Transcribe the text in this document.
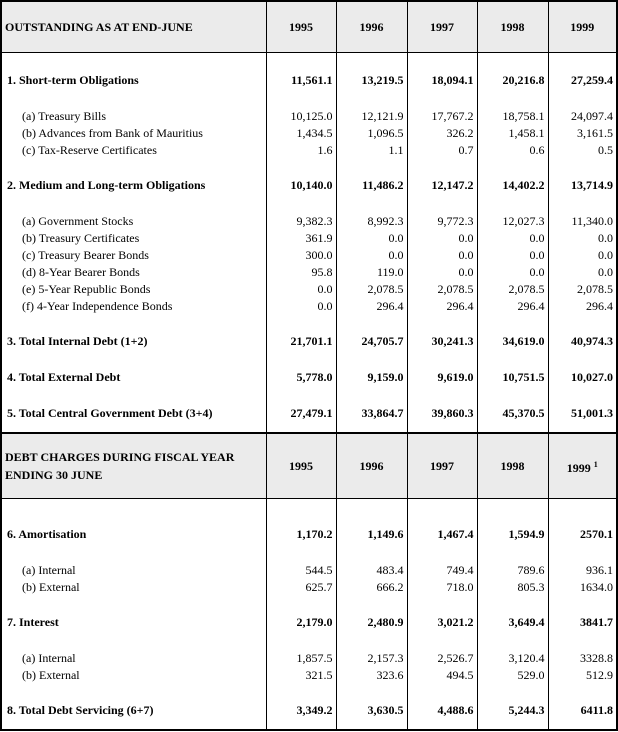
OUTSTANDING AS AT END-JUNE	1995	1996	1997	1998	1999

1. Short-term Obligations	11,561.1	13,219.5	18,094.1	20,216.8	27,259.4

(a) Treasury Bills	10,125.0	12,121.9	17,767.2	18,758.1	24,097.4
(b) Advances from Bank of Mauritius	1,434.5	1,096.5	326.2	1,458.1	3,161.5
(c) Tax-Reserve Certificates	1.6	1.1	0.7	0.6	0.5

2. Medium and Long-term Obligations	10,140.0	11,486.2	12,147.2	14,402.2	13,714.9

(a) Government Stocks	9,382.3	8,992.3	9,772.3	12,027.3	11,340.0
(b) Treasury Certificates	361.9	0.0	0.0	0.0	0.0
(c) Treasury Bearer Bonds	300.0	0.0	0.0	0.0	0.0
(d) 8-Year Bearer Bonds	95.8	119.0	0.0	0.0	0.0
(e) 5-Year Republic Bonds	0.0	2,078.5	2,078.5	2,078.5	2,078.5
(f) 4-Year Independence Bonds	0.0	296.4	296.4	296.4	296.4

3. Total Internal Debt (1+2)	21,701.1	24,705.7	30,241.3	34,619.0	40,974.3

4. Total External Debt	5,778.0	9,159.0	9,619.0	10,751.5	10,027.0

5. Total Central Government Debt (3+4)	27,479.1	33,864.7	39,860.3	45,370.5	51,001.3

DEBT CHARGES DURING FISCAL YEAR ENDING 30 JUNE	1995	1996	1997	1998	1999 $^1$

6. Amortisation	1,170.2	1,149.6	1,467.4	1,594.9	2570.1

(a) Internal	544.5	483.4	749.4	789.6	936.1
(b) External	625.7	666.2	718.0	805.3	1634.0

7. Interest	2,179.0	2,480.9	3,021.2	3,649.4	3841.7

(a) Internal	1,857.5	2,157.3	2,526.7	3,120.4	3328.8
(b) External	321.5	323.6	494.5	529.0	512.9

8. Total Debt Servicing (6+7)	3,349.2	3,630.5	4,488.6	5,244.3	6411.8
